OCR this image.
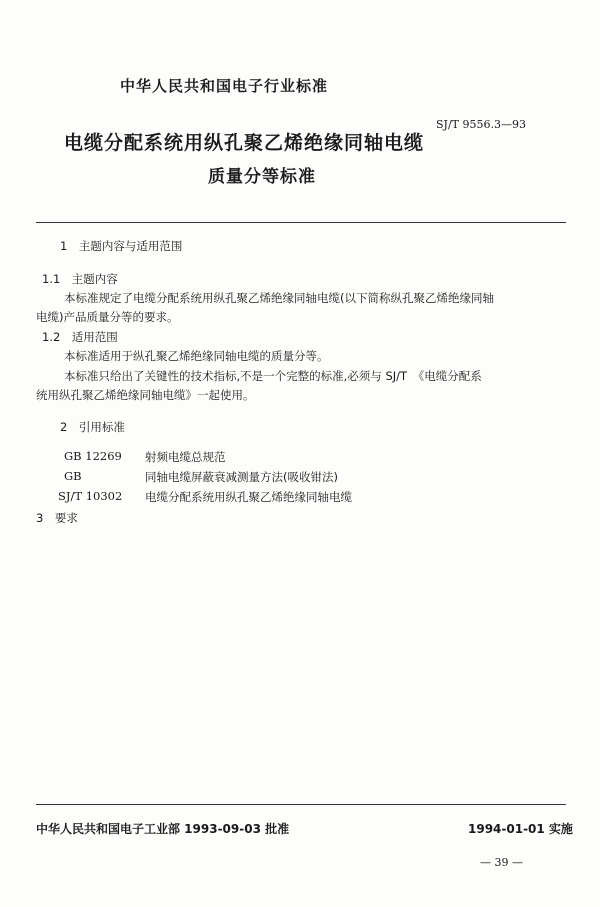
中华人民共和国电子行业标准
SJ/T 9556.3—93
电缆分配系统用纵孔聚乙烯绝缘同轴电缆
质量分等标准
1　主题内容与适用范围
1.1　主题内容
本标准规定了电缆分配系统用纵孔聚乙烯绝缘同轴电缆(以下简称纵孔聚乙烯绝缘同轴
电缆)产品质量分等的要求。
1.2　适用范围
本标准适用于纵孔聚乙烯绝缘同轴电缆的质量分等。
本标准只给出了关键性的技术指标,不是一个完整的标准,必须与 SJ/T　《电缆分配系
统用纵孔聚乙烯绝缘同轴电缆》一起使用。
2　引用标准
GB 12269 射频电缆总规范
GB	同轴电缆屏蔽衰减测量方法(吸收钳法)
SJ/T 10302 电缆分配系统用纵孔聚乙烯绝缘同轴电缆
3　要求
中华人民共和国电子工业部 1993-09-03 批准	1994-01-01 实施
— 39 —
